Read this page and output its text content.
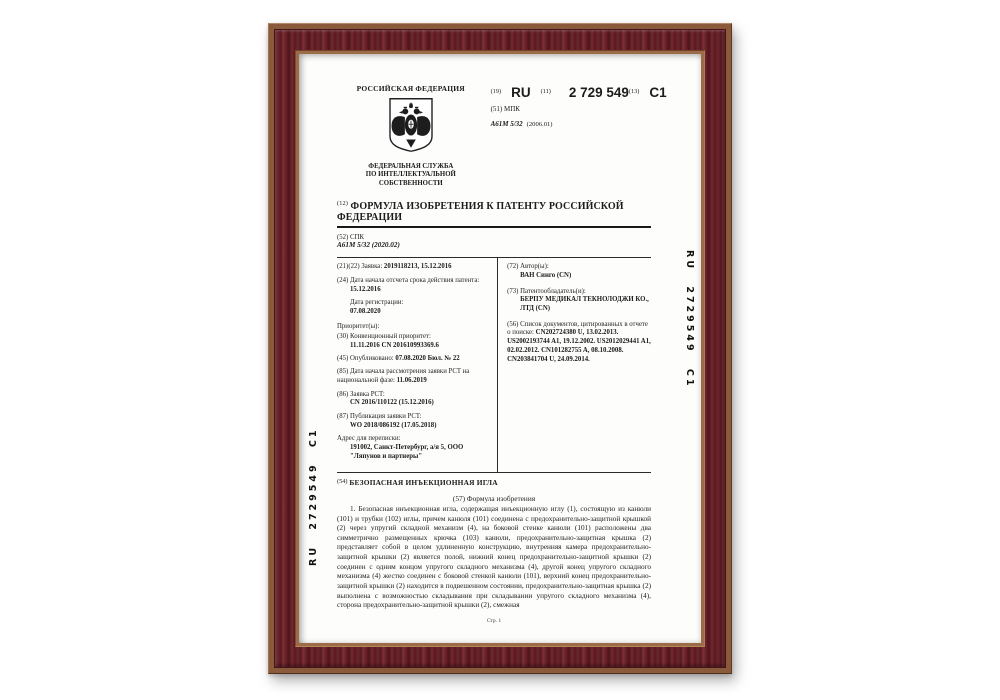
RU 2729549 C1
RU 2729549 C1
РОССИЙСКАЯ ФЕДЕРАЦИЯ
ФЕДЕРАЛЬНАЯ СЛУЖБА
ПО ИНТЕЛЛЕКТУАЛЬНОЙ СОБСТВЕННОСТИ
$^{(19)}$ RU $^{(11)}$ 2 729 549$^{(13)}$ C1
(51) МПК
A61M 5/32 (2006.01)
$^{(12)}$ ФОРМУЛА ИЗОБРЕТЕНИЯ К ПАТЕНТУ РОССИЙСКОЙ ФЕДЕРАЦИИ
(52) СПК
A61M 5/32 (2020.02)
(21)(22) Заявка: 2019118213, 15.12.2016
(24) Дата начала отсчета срока действия патента:
15.12.2016
Дата регистрации:
07.08.2020
Приоритет(ы):
(30) Конвенционный приоритет:
11.11.2016 CN 201610993369.6
(45) Опубликовано: 07.08.2020 Бюл. № 22
(85) Дата начала рассмотрения заявки PCT на национальной фазе: 11.06.2019
(86) Заявка PCT:
CN 2016/110122 (15.12.2016)
(87) Публикация заявки PCT:
WO 2018/086192 (17.05.2018)
Адрес для переписки:
191002, Санкт-Петербург, а/я 5, ООО "Ляпунов и партнеры"
(72) Автор(ы):
ВАН Синго (CN)
(73) Патентообладатель(и):
БЕРПУ МЕДИКАЛ ТЕКНОЛОДЖИ КО., ЛТД (CN)
(56) Список документов, цитированных в отчете о поиске: CN202724380 U, 13.02.2013. US2002193744 A1, 19.12.2002. US2012029441 A1, 02.02.2012. CN101282755 A, 08.10.2008. CN203841704 U, 24.09.2014.
(54) БЕЗОПАСНАЯ ИНЪЕКЦИОННАЯ ИГЛА
(57) Формула изобретения
1. Безопасная инъекционная игла, содержащая инъекционную иглу (1), состоящую из канюли (101) и трубки (102) иглы, причем канюля (101) соединена с предохранительно-защитной крышкой (2) через упругий складной механизм (4), на боковой стенке канюли (101) расположены два симметрично размещенных крючка (103) канюли, предохранительно-защитная крышка (2) представляет собой в целом удлиненную конструкцию, внутренняя камера предохранительно-защитной крышки (2) является полой, нижний конец предохранительно-защитной крышки (2) соединен с одним концом упругого складного механизма (4), другой конец упругого складного механизма (4) жестко соединен с боковой стенкой канюли (101), верхний конец предохранительно-защитной крышки (2) находится в подвешенном состоянии, предохранительно-защитная крышка (2) выполнена с возможностью складывания при складывании упругого складного механизма (4), сторона предохранительно-защитной крышки (2), смежная
Стр. 1
